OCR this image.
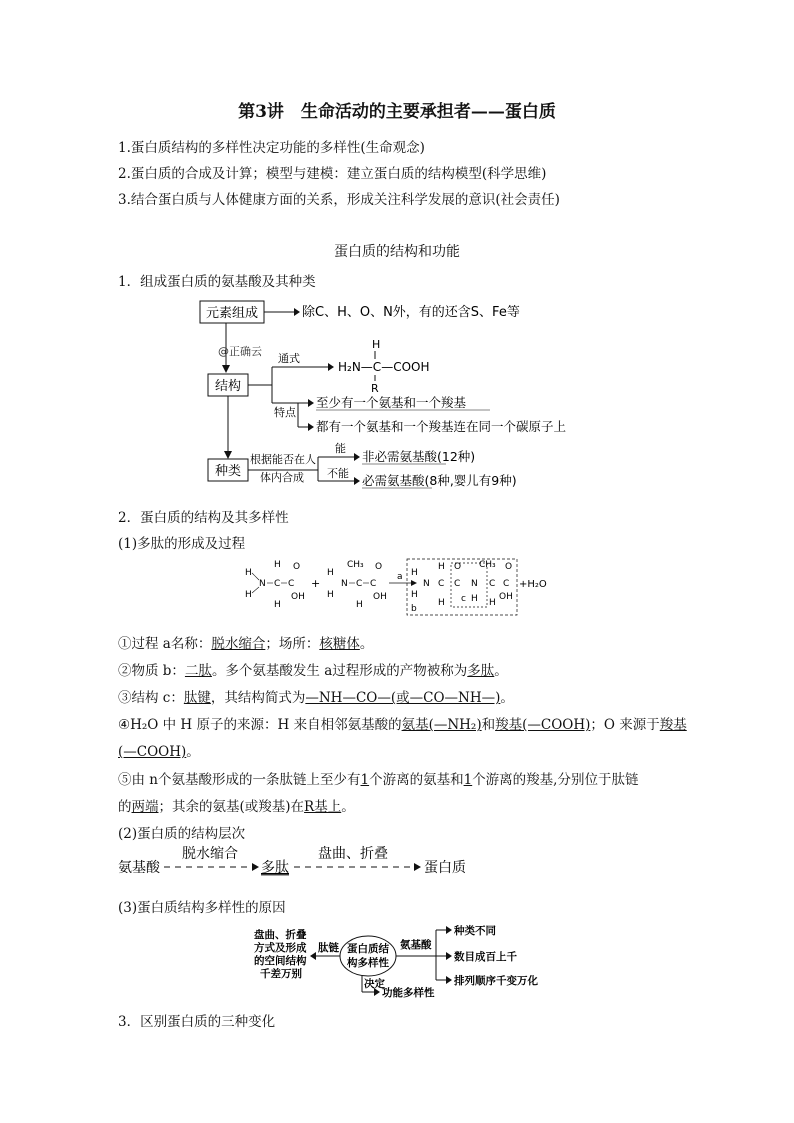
第3讲　生命活动的主要承担者——蛋白质
1.蛋白质结构的多样性决定功能的多样性(生命观念)
2.蛋白质的合成及计算；模型与建模：建立蛋白质的结构模型(科学思维)
3.结合蛋白质与人体健康方面的关系，形成关注科学发展的意识(社会责任)
蛋白质的结构和功能
1．组成蛋白质的氨基酸及其种类
元素组成	除C、H、O、N外，有的还含S、Fe等
@正确云
结构
通式
H
H₂N—C—COOH
R
特点
至少有一个氨基和一个羧基
都有一个氨基和一个羧基连在同一个碳原子上
种类
根据能否在人
体内合成
能
非必需氨基酸(12种)
不能 必需氨基酸(8种,婴儿有9种)
2．蛋白质的结构及其多样性
(1)多肽的形成及过程
H
H
N C
H
H
C
O
OH
+
H
H
N C
H
C
CH₃ O
OH
a H
H
b
N C
H
H
C
O
N
H
c
C
CH₃
H
C
O
OH
+H₂O
①过程 a名称：脱水缩合；场所：核糖体。
②物质 b：二肽。多个氨基酸发生 a过程形成的产物被称为多肽。
③结构 c：肽键，其结构简式为—NH—CO—(或—CO—NH—)。
④H₂O 中 H 原子的来源：H 来自相邻氨基酸的氨基(—NH₂)和羧基(—COOH)；O 来源于羧基
(—COOH)。
⑤由 n个氨基酸形成的一条肽链上至少有1个游离的氨基和1个游离的羧基,分别位于肽链
的两端；其余的氨基(或羧基)在R基上。
(2)蛋白质的结构层次
氨基酸
脱水缩合
多肽
盘曲、折叠
蛋白质
(3)蛋白质结构多样性的原因
盘曲、折叠
方式及形成
的空间结构
千差万别
肽链 蛋白质结
构多样性
氨基酸
种类不同
数目成百上千
排列顺序千变万化
决定
功能多样性
3．区别蛋白质的三种变化
